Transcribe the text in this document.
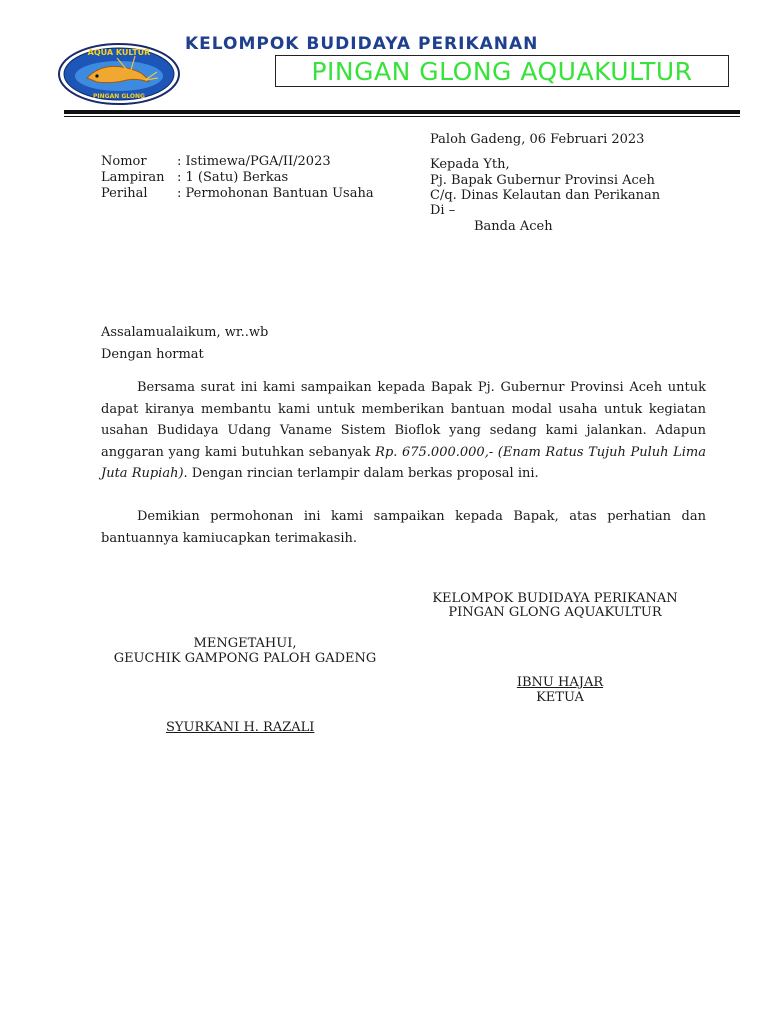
KELOMPOK BUDIDAYA PERIKANAN
AQUA KULTUR
PINGAN GLONG
PINGAN GLONG AQUAKULTUR
Paloh Gadeng, 06 Februari 2023
Nomor : Istimewa/PGA/II/2023
Lampiran : 1 (Satu) Berkas
Perihal : Permohonan Bantuan Usaha
Kepada Yth,
Pj. Bapak Gubernur Provinsi Aceh
C/q. Dinas Kelautan dan Perikanan
Di –
Banda Aceh
Assalamualaikum, wr..wb
Dengan hormat
Bersama surat ini kami sampaikan kepada Bapak Pj. Gubernur Provinsi Aceh untuk dapat kiranya membantu kami untuk memberikan bantuan modal usaha untuk kegiatan usahan Budidaya Udang Vaname Sistem Bioflok yang sedang kami jalankan. Adapun anggaran yang kami butuhkan sebanyak Rp. 675.000.000,- (Enam Ratus Tujuh Puluh Lima Juta Rupiah). Dengan rincian terlampir dalam berkas proposal ini.
Demikian permohonan ini kami sampaikan kepada Bapak, atas perhatian dan bantuannya kamiucapkan terimakasih.
KELOMPOK BUDIDAYA PERIKANAN
PINGAN GLONG AQUAKULTUR
MENGETAHUI,
GEUCHIK GAMPONG PALOH GADENG
IBNU HAJAR
KETUA
SYURKANI H. RAZALI
